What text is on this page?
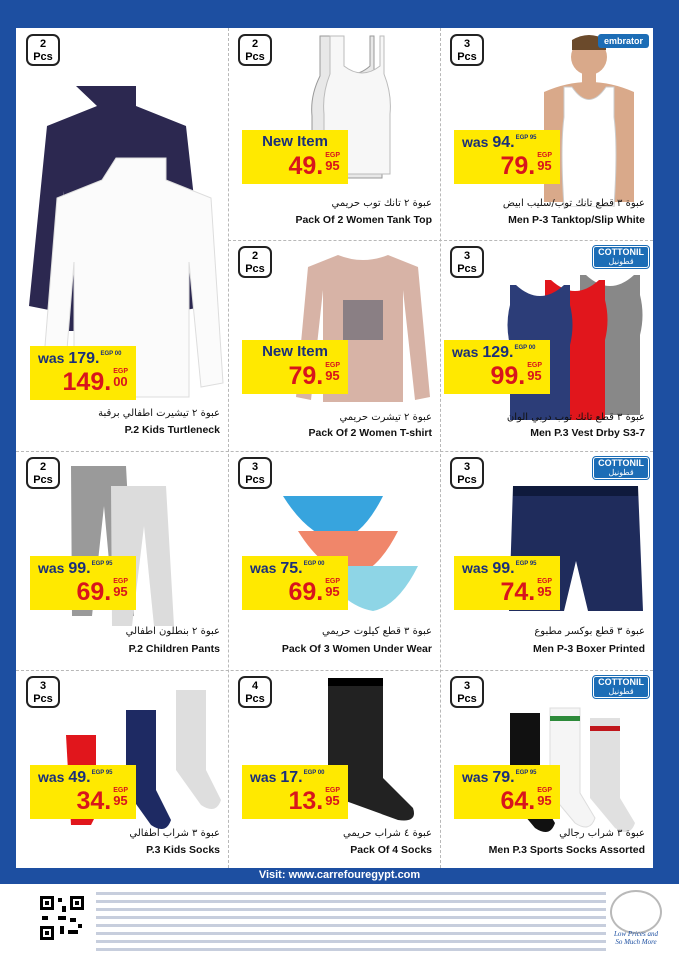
2
Pcs
was 179.$^{EGP 00}$
149. EGP
00
عبوة ٢ تيشيرت اطفالي برقبة
P.2 Kids Turtleneck
2
Pcs
New Item
49. EGP
95
عبوة ٢ تانك توب حريمي
Pack Of 2 Women Tank Top
3
Pcs
embrator
was 94.$^{EGP 95}$
79. EGP
95
عبوة ٣ قطع تانك توب/سليب ابيض
Men P-3 Tanktop/Slip White
2
Pcs
New Item
79. EGP
95
عبوة ٢ تيشرت حريمي
Pack Of 2 Women T-shirt
3
Pcs
COTTONIL
قطونيل
was 129.$^{EGP 00}$
99. EGP
95
عبوة ٣ قطع تانك توب دربي الوان
Men P.3 Vest Drby S3-7
2
Pcs
was 99.$^{EGP 95}$
69. EGP
95
عبوة ٢ بنطلون اطفالي
P.2 Children Pants
3
Pcs
was 75.$^{EGP 00}$
69. EGP
95
عبوة ٣ قطع كيلوت حريمي
Pack Of 3 Women Under Wear
3
Pcs
COTTONIL
قطونيل
was 99.$^{EGP 95}$
74. EGP
95
عبوة ٣ قطع بوكسر مطبوع
Men P-3 Boxer Printed
3
Pcs
was 49.$^{EGP 95}$
34. EGP
95
عبوة ٣ شراب اطفالي
P.3 Kids Socks
4
Pcs
was 17.$^{EGP 00}$
13. EGP
95
عبوة ٤ شراب حريمي
Pack Of 4 Socks
3
Pcs
COTTONIL
قطونيل
was 79.$^{EGP 95}$
64. EGP
95
عبوة ٣ شراب رجالي
Men P.3 Sports Socks Assorted
Visit: www.carrefouregypt.com
Low Prices and
So Much More
